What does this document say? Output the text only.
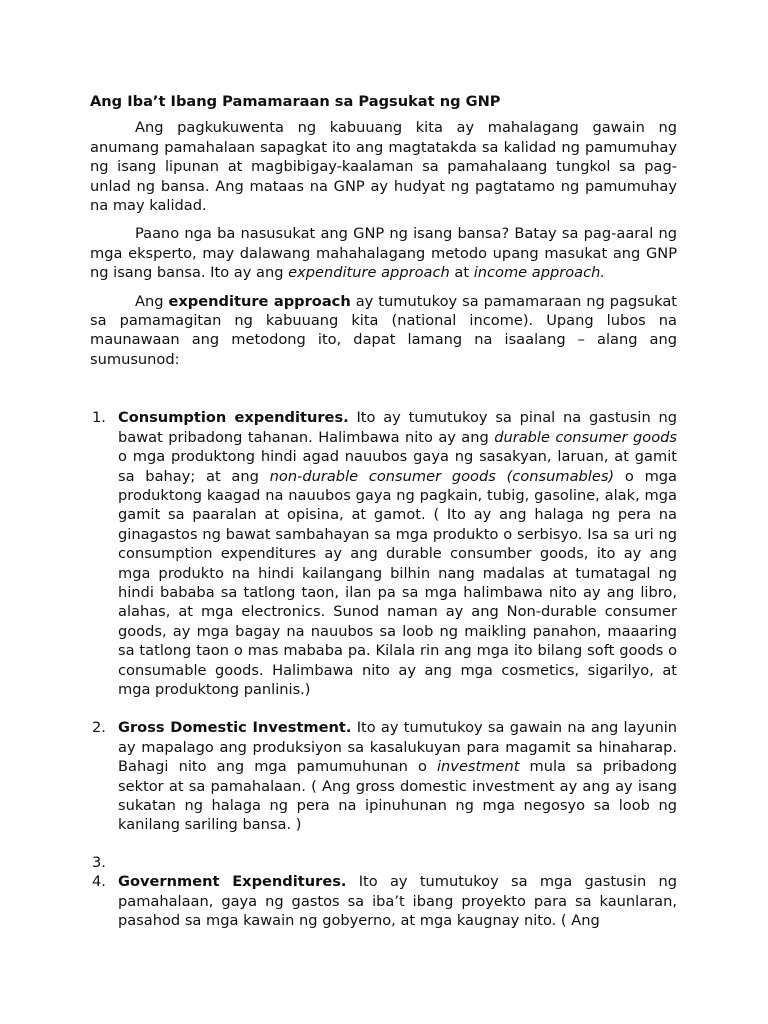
Ang Iba’t Ibang Pamamaraan sa Pagsukat ng GNP

Ang pagkukuwenta ng kabuuang kita ay mahalagang gawain ng anumang pamahalaan sapagkat ito ang magtatakda sa kalidad ng pamumuhay ng isang lipunan at magbibigay-kaalaman sa pamahalaang tungkol sa pag-unlad ng bansa. Ang mataas na GNP ay hudyat ng pagtatamo ng pamumuhay na may kalidad.

Paano nga ba nasusukat ang GNP ng isang bansa? Batay sa pag-aaral ng mga eksperto, may dalawang mahahalagang metodo upang masukat ang GNP ng isang bansa. Ito ay ang expenditure approach at income approach.

Ang expenditure approach ay tumutukoy sa pamamaraan ng pagsukat sa pamamagitan ng kabuuang kita (national income). Upang lubos na maunawaan ang metodong ito, dapat lamang na isaalang – alang ang sumusunod:

1. Consumption expenditures. Ito ay tumutukoy sa pinal na gastusin ng bawat pribadong tahanan. Halimbawa nito ay ang durable consumer goods o mga produktong hindi agad nauubos gaya ng sasakyan, laruan, at gamit sa bahay; at ang non-durable consumer goods (consumables) o mga produktong kaagad na nauubos gaya ng pagkain, tubig, gasoline, alak, mga gamit sa paaralan at opisina, at gamot. ( Ito ay ang halaga ng pera na ginagastos ng bawat sambahayan sa mga produkto o serbisyo. Isa sa uri ng consumption expenditures ay ang durable consumber goods, ito ay ang mga produkto na hindi kailangang bilhin nang madalas at tumatagal ng hindi bababa sa tatlong taon, ilan pa sa mga halimbawa nito ay ang libro, alahas, at mga electronics. Sunod naman ay ang Non-durable consumer goods, ay mga bagay na nauubos sa loob ng maikling panahon, maaaring sa tatlong taon o mas mababa pa. Kilala rin ang mga ito bilang soft goods o consumable goods. Halimbawa nito ay ang mga cosmetics, sigarilyo, at mga produktong panlinis.)
2. Gross Domestic Investment. Ito ay tumutukoy sa gawain na ang layunin ay mapalago ang produksiyon sa kasalukuyan para magamit sa hinaharap. Bahagi nito ang mga pamumuhunan o investment mula sa pribadong sektor at sa pamahalaan. ( Ang gross domestic investment ay ang ay isang sukatan ng halaga ng pera na ipinuhunan ng mga negosyo sa loob ng kanilang sariling bansa. )
3.
4. Government Expenditures. Ito ay tumutukoy sa mga gastusin ng pamahalaan, gaya ng gastos sa iba’t ibang proyekto para sa kaunlaran, pasahod sa mga kawain ng gobyerno, at mga kaugnay nito. ( Ang
